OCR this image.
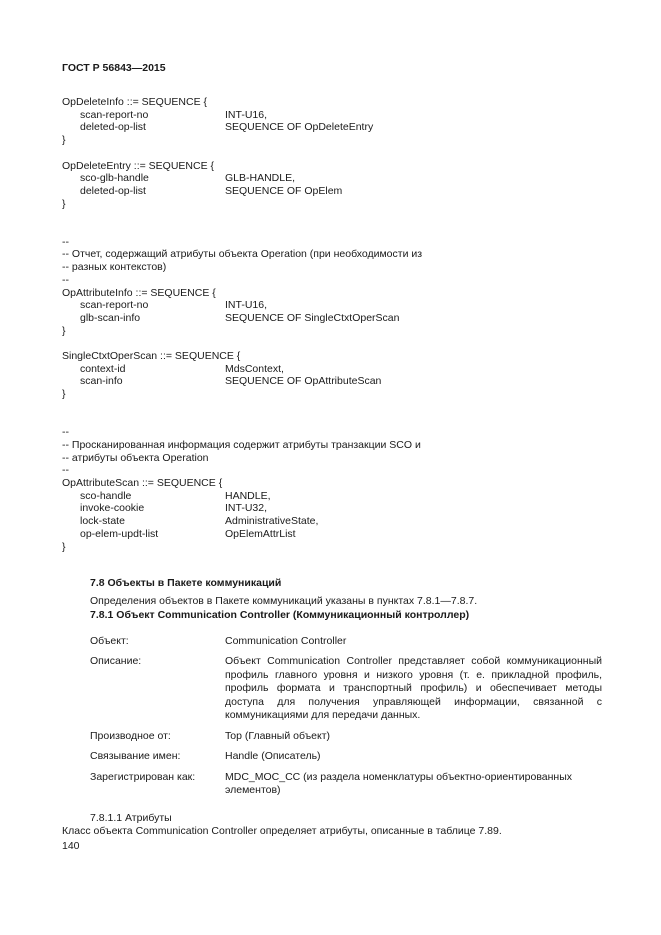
ГОСТ Р 56843—2015
OpDeleteInfo ::= SEQUENCE {
scan-report-no	INT-U16,
deleted-op-list	SEQUENCE OF OpDeleteEntry
}
OpDeleteEntry ::= SEQUENCE {
sco-glb-handle	GLB-HANDLE,
deleted-op-list	SEQUENCE OF OpElem
}
--
-- Отчет, содержащий атрибуты объекта Operation (при необходимости из
-- разных контекстов)
--
OpAttributeInfo ::= SEQUENCE {
scan-report-no	INT-U16,
glb-scan-info	SEQUENCE OF SingleCtxtOperScan
}
SingleCtxtOperScan ::= SEQUENCE {
context-id	MdsContext,
scan-info	SEQUENCE OF OpAttributeScan
}
--
-- Просканированная информация содержит атрибуты транзакции SCO и
-- атрибуты объекта Operation
--
OpAttributeScan ::= SEQUENCE {
sco-handle	HANDLE,
invoke-cookie	INT-U32,
lock-state	AdministrativeState,
op-elem-updt-list	OpElemAttrList
}

7.8 Объекты в Пакете коммуникаций

Определения объектов в Пакете коммуникаций указаны в пунктах 7.8.1—7.8.7.

7.8.1 Объект Communication Controller (Коммуникационный контроллер)

Объект:	Communication Controller
Описание:	Объект Communication Controller представляет собой коммуникационный профиль главного уровня и низкого уровня (т. е. прикладной профиль, профиль формата и транспортный профиль) и обеспечивает методы доступа для получения управляющей информации, связанной с коммуникациями для передачи данных.
Производное от:	Top (Главный объект)
Связывание имен:	Handle (Описатель)
Зарегистрирован как:	MDC_MOC_CC (из раздела номенклатуры объектно-ориентированных элементов)

7.8.1.1 Атрибуты

Класс объекта Communication Controller определяет атрибуты, описанные в таблице 7.89.

140
